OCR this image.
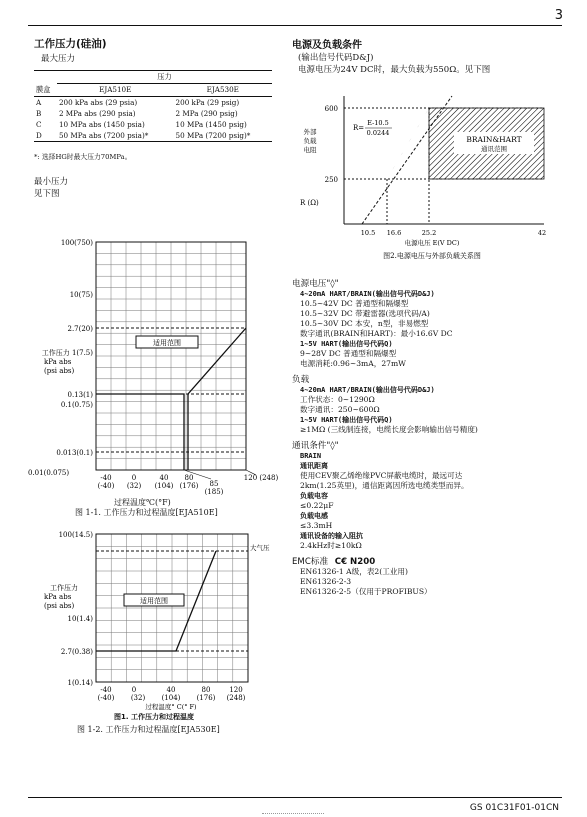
3
GS 01C31F01-01CN
工作压力(硅油)
最大压力
	压力	
膜盒	EJA510E	EJA530E
A	200 kPa abs (29 psia)	200 kPa (29 psig)
B	2 MPa abs (290 psia)	2 MPa (290 psig)
C	10 MPa abs (1450 psia)	10 MPa (1450 psig)
D	50 MPa abs (7200 psia)*	50 MPa (7200 psig)*
*: 选择HG时最大压力70MPa。
最小压力
见下图
100(750)
10(75)
2.7(20)
工作压力 1(7.5)
0.13(1)
0.1(0.75)
0.013(0.1)
0.01(0.075)
kPa abs
(psi abs)
适用范围
-40	0	40 80	120 (248)
(-40) (32) (104) (176) 85
(185)
过程温度℃(°F)
图 1-1. 工作压力和过程温度[EJA510E]
100(14.5)
工作压力
10(1.4)
2.7(0.38)
1(0.14)
kPa abs
(psi abs)
大气压
适用范围
-40	0	40	80	120
(-40) (32) (104) (176) (248)
过程温度° C(° F)
图1. 工作压力和过程温度
图 1-2. 工作压力和过程温度[EJA530E]
电源及负载条件
(输出信号代码D&J)
电源电压为24V DC时，最大负载为550Ω。见下图
600
250
外部
负载
电阻
R (Ω)
R=
E-10.5
0.0244
BRAIN&HART
通讯范围
10.5 16.6	25.2	42
电源电压 E(V DC)
图2.电源电压与外部负载关系图
电源电压"◊"
4~20mA HART/BRAIN(输出信号代码D&J)
10.5~42V DC 普通型和隔爆型
10.5~32V DC 带避雷器(选项代码/A)
10.5~30V DC 本安，n型，非易燃型
数字通讯(BRAIN和HART)：最小16.6V DC
1~5V HART(输出信号代码Q)
9~28V DC 普通型和隔爆型
电源消耗:0.96~3mA，27mW
负载
4~20mA HART/BRAIN(输出信号代码D&J)
工作状态：0~1290Ω
数字通讯：250~600Ω
1~5V HART(输出信号代码Q)
≥1MΩ (三线制连接，电缆长度会影响输出信号精度)
通讯条件"◊"
BRAIN
通讯距离
使用CEV聚乙烯绝缘PVC屏蔽电缆时，最远可达
2km(1.25英里)，通信距离因所选电缆类型而异。
负载电容
≤0.22μF
负载电感
≤3.3mH
通讯设备的输入阻抗
2.4kHz时≥10kΩ
EMC标准 C€ N200
EN61326-1 A级，表2(工业用)
EN61326-2-3
EN61326-2-5（仅用于PROFIBUS）
